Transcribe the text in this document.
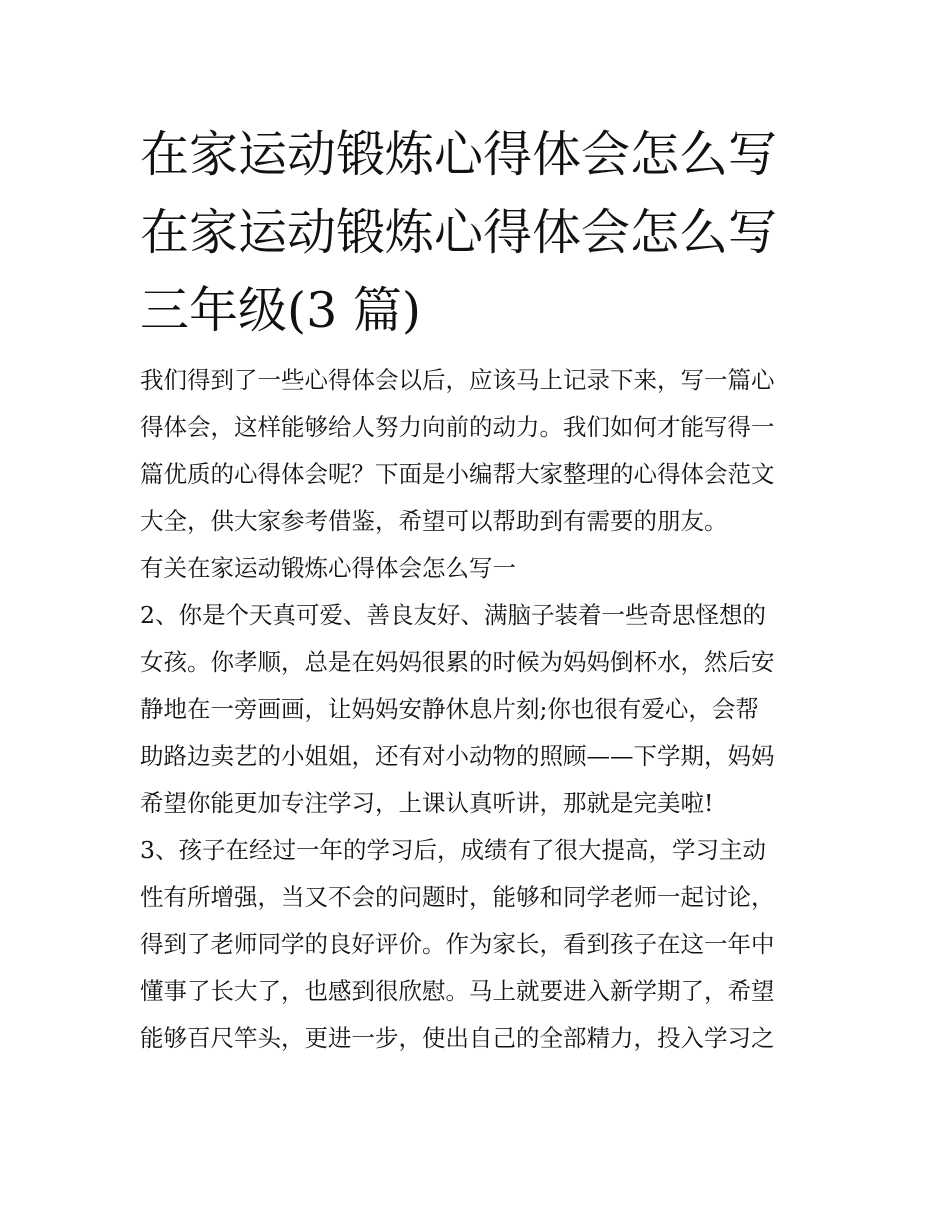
在家运动锻炼心得体会怎么写
在家运动锻炼心得体会怎么写
三年级(3 篇)

我们得到了一些心得体会以后，应该马上记录下来，写一篇心

得体会，这样能够给人努力向前的动力。我们如何才能写得一

篇优质的心得体会呢？下面是小编帮大家整理的心得体会范文

大全，供大家参考借鉴，希望可以帮助到有需要的朋友。

有关在家运动锻炼心得体会怎么写一

2、你是个天真可爱、善良友好、满脑子装着一些奇思怪想的

女孩。你孝顺，总是在妈妈很累的时候为妈妈倒杯水，然后安

静地在一旁画画，让妈妈安静休息片刻;你也很有爱心，会帮

助路边卖艺的小姐姐，还有对小动物的照顾——下学期，妈妈

希望你能更加专注学习，上课认真听讲，那就是完美啦!

3、孩子在经过一年的学习后，成绩有了很大提高，学习主动

性有所增强，当又不会的问题时，能够和同学老师一起讨论，

得到了老师同学的良好评价。作为家长，看到孩子在这一年中

懂事了长大了，也感到很欣慰。马上就要进入新学期了，希望

能够百尺竿头，更进一步，使出自己的全部精力，投入学习之
